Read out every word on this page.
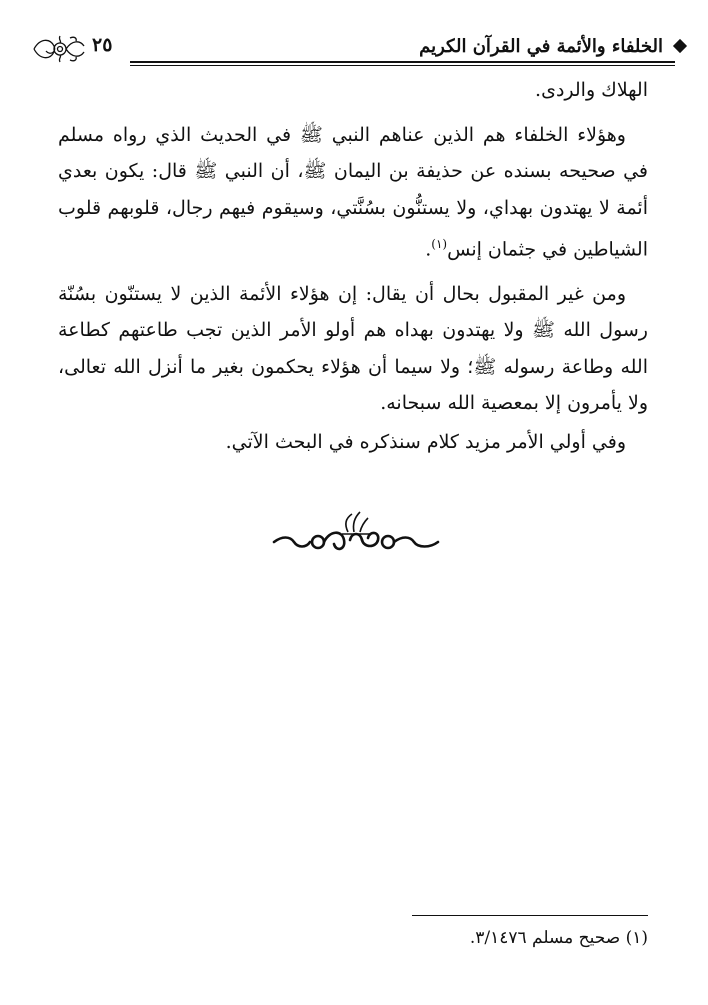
الخلفاء والأئمة في القرآن الكريم
٢٥

الهلاك والردى.

وهؤلاء الخلفاء هم الذين عناهم النبي ﷺ في الحديث الذي رواه مسلم في صحيحه بسنده عن حذيفة بن اليمان ﷺ، أن النبي ﷺ قال: يكون بعدي أئمة لا يهتدون بهداي، ولا يستنُّون بسُنَّتي، وسيقوم فيهم رجال، قلوبهم قلوب الشياطين في جثمان إنس$^{(١)}$.

ومن غير المقبول بحال أن يقال: إن هؤلاء الأئمة الذين لا يستنّون بسُنّة رسول الله ﷺ ولا يهتدون بهداه هم أولو الأمر الذين تجب طاعتهم كطاعة الله وطاعة رسوله ﷺ؛ ولا سيما أن هؤلاء يحكمون بغير ما أنزل الله تعالى، ولا يأمرون إلا بمعصية الله سبحانه.

وفي أولي الأمر مزيد كلام سنذكره في البحث الآتي.

(١) صحيح مسلم ٣/١٤٧٦.
